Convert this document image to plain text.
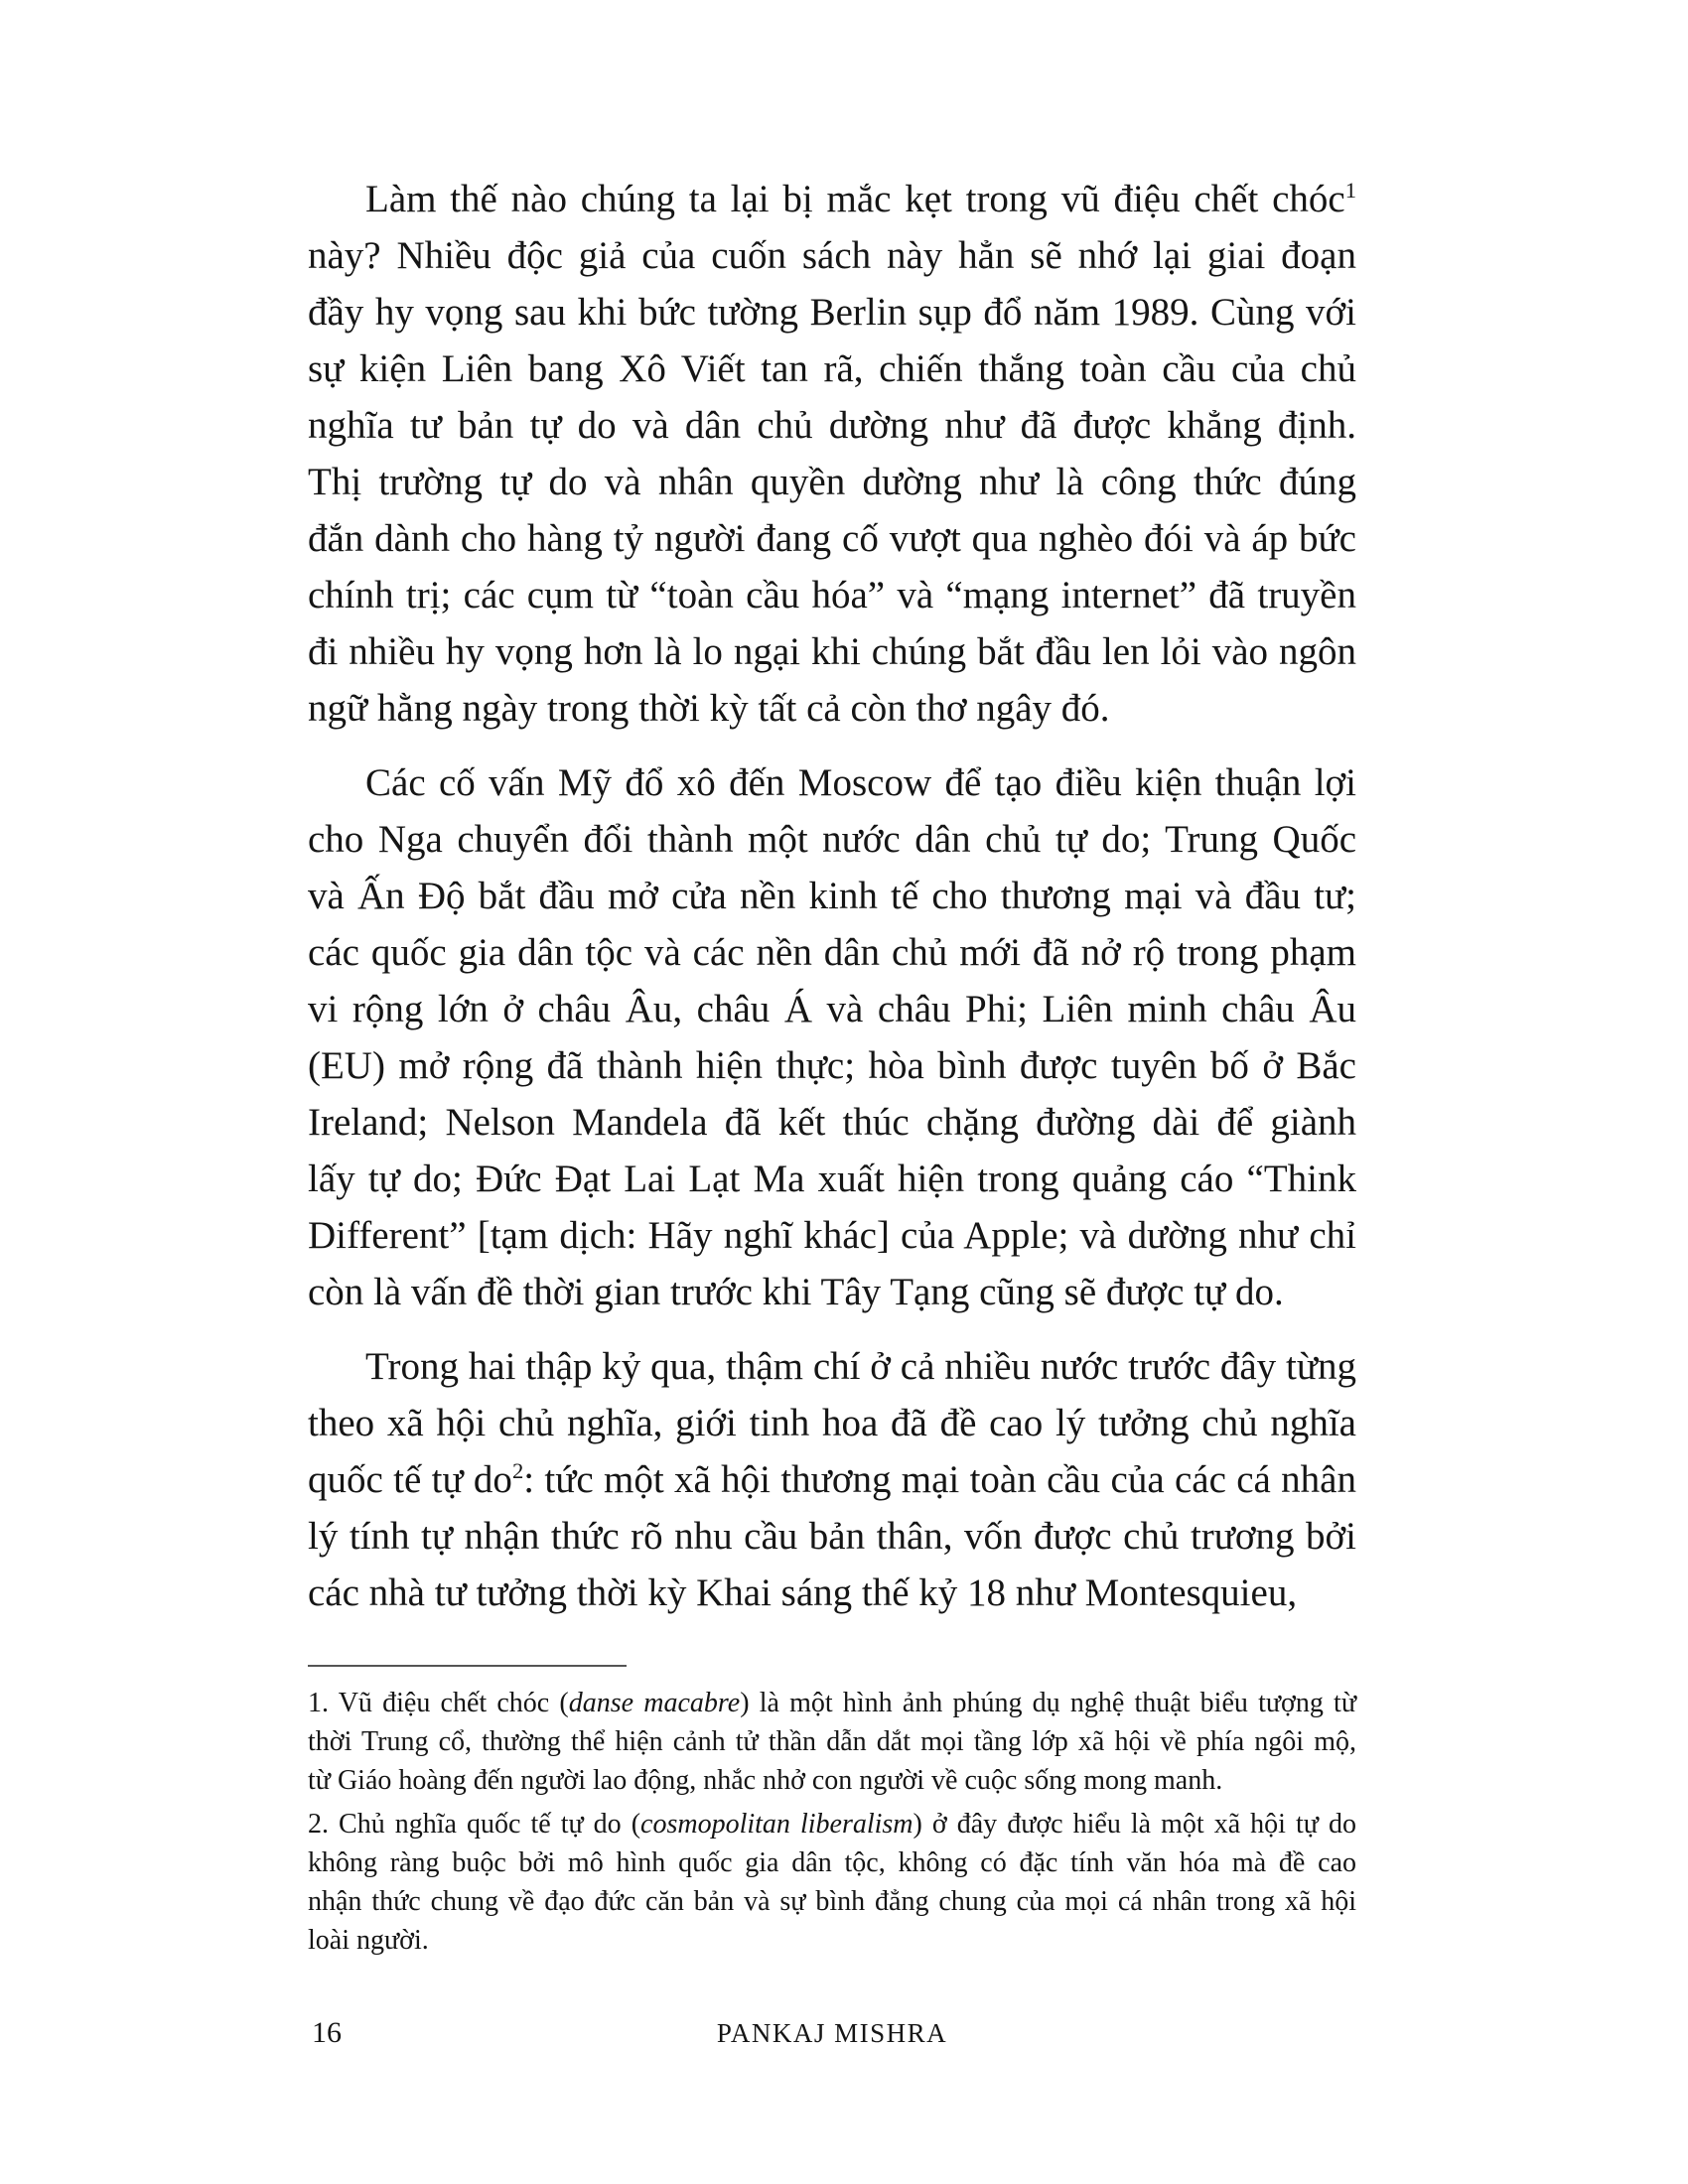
Làm thế nào chúng ta lại bị mắc kẹt trong vũ điệu chết chóc$^1$
này? Nhiều độc giả của cuốn sách này hẳn sẽ nhớ lại giai đoạn
đầy hy vọng sau khi bức tường Berlin sụp đổ năm 1989. Cùng với
sự kiện Liên bang Xô Viết tan rã, chiến thắng toàn cầu của chủ
nghĩa tư bản tự do và dân chủ dường như đã được khẳng định.
Thị trường tự do và nhân quyền dường như là công thức đúng
đắn dành cho hàng tỷ người đang cố vượt qua nghèo đói và áp bức
chính trị; các cụm từ “toàn cầu hóa” và “mạng internet” đã truyền
đi nhiều hy vọng hơn là lo ngại khi chúng bắt đầu len lỏi vào ngôn
ngữ hằng ngày trong thời kỳ tất cả còn thơ ngây đó.
Các cố vấn Mỹ đổ xô đến Moscow để tạo điều kiện thuận lợi
cho Nga chuyển đổi thành một nước dân chủ tự do; Trung Quốc
và Ấn Độ bắt đầu mở cửa nền kinh tế cho thương mại và đầu tư;
các quốc gia dân tộc và các nền dân chủ mới đã nở rộ trong phạm
vi rộng lớn ở châu Âu, châu Á và châu Phi; Liên minh châu Âu
(EU) mở rộng đã thành hiện thực; hòa bình được tuyên bố ở Bắc
Ireland; Nelson Mandela đã kết thúc chặng đường dài để giành
lấy tự do; Đức Đạt Lai Lạt Ma xuất hiện trong quảng cáo “Think
Different” [tạm dịch: Hãy nghĩ khác] của Apple; và dường như chỉ
còn là vấn đề thời gian trước khi Tây Tạng cũng sẽ được tự do.
Trong hai thập kỷ qua, thậm chí ở cả nhiều nước trước đây từng
theo xã hội chủ nghĩa, giới tinh hoa đã đề cao lý tưởng chủ nghĩa
quốc tế tự $do^2$: tức một xã hội thương mại toàn cầu của các cá nhân
lý tính tự nhận thức rõ nhu cầu bản thân, vốn được chủ trương bởi
các nhà tư tưởng thời kỳ Khai sáng thế kỷ 18 như Montesquieu,
1. Vũ điệu chết chóc (danse macabre) là một hình ảnh phúng dụ nghệ thuật biểu tượng từ
thời Trung cổ, thường thể hiện cảnh tử thần dẫn dắt mọi tầng lớp xã hội về phía ngôi mộ,
từ Giáo hoàng đến người lao động, nhắc nhở con người về cuộc sống mong manh.
2. Chủ nghĩa quốc tế tự do (cosmopolitan liberalism) ở đây được hiểu là một xã hội tự do
không ràng buộc bởi mô hình quốc gia dân tộc, không có đặc tính văn hóa mà đề cao
nhận thức chung về đạo đức căn bản và sự bình đẳng chung của mọi cá nhân trong xã hội
loài người.
16	PANKAJ MISHRA
